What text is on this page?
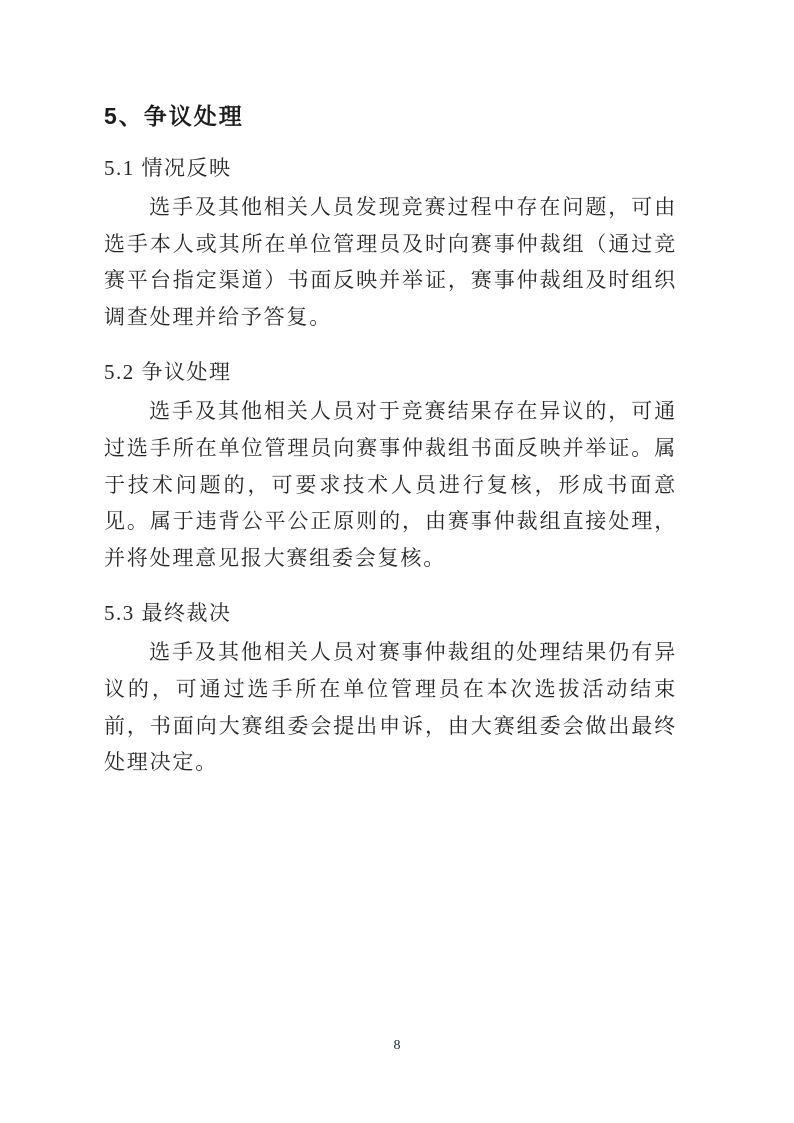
5、争议处理
5.1 情况反映

选手及其他相关人员发现竞赛过程中存在问题，可由选手本人或其所在单位管理员及时向赛事仲裁组（通过竞赛平台指定渠道）书面反映并举证，赛事仲裁组及时组织调查处理并给予答复。

5.2 争议处理

选手及其他相关人员对于竞赛结果存在异议的，可通过选手所在单位管理员向赛事仲裁组书面反映并举证。属于技术问题的，可要求技术人员进行复核，形成书面意见。属于违背公平公正原则的，由赛事仲裁组直接处理，并将处理意见报大赛组委会复核。

5.3 最终裁决

选手及其他相关人员对赛事仲裁组的处理结果仍有异议的，可通过选手所在单位管理员在本次选拔活动结束前，书面向大赛组委会提出申诉，由大赛组委会做出最终处理决定。

8
